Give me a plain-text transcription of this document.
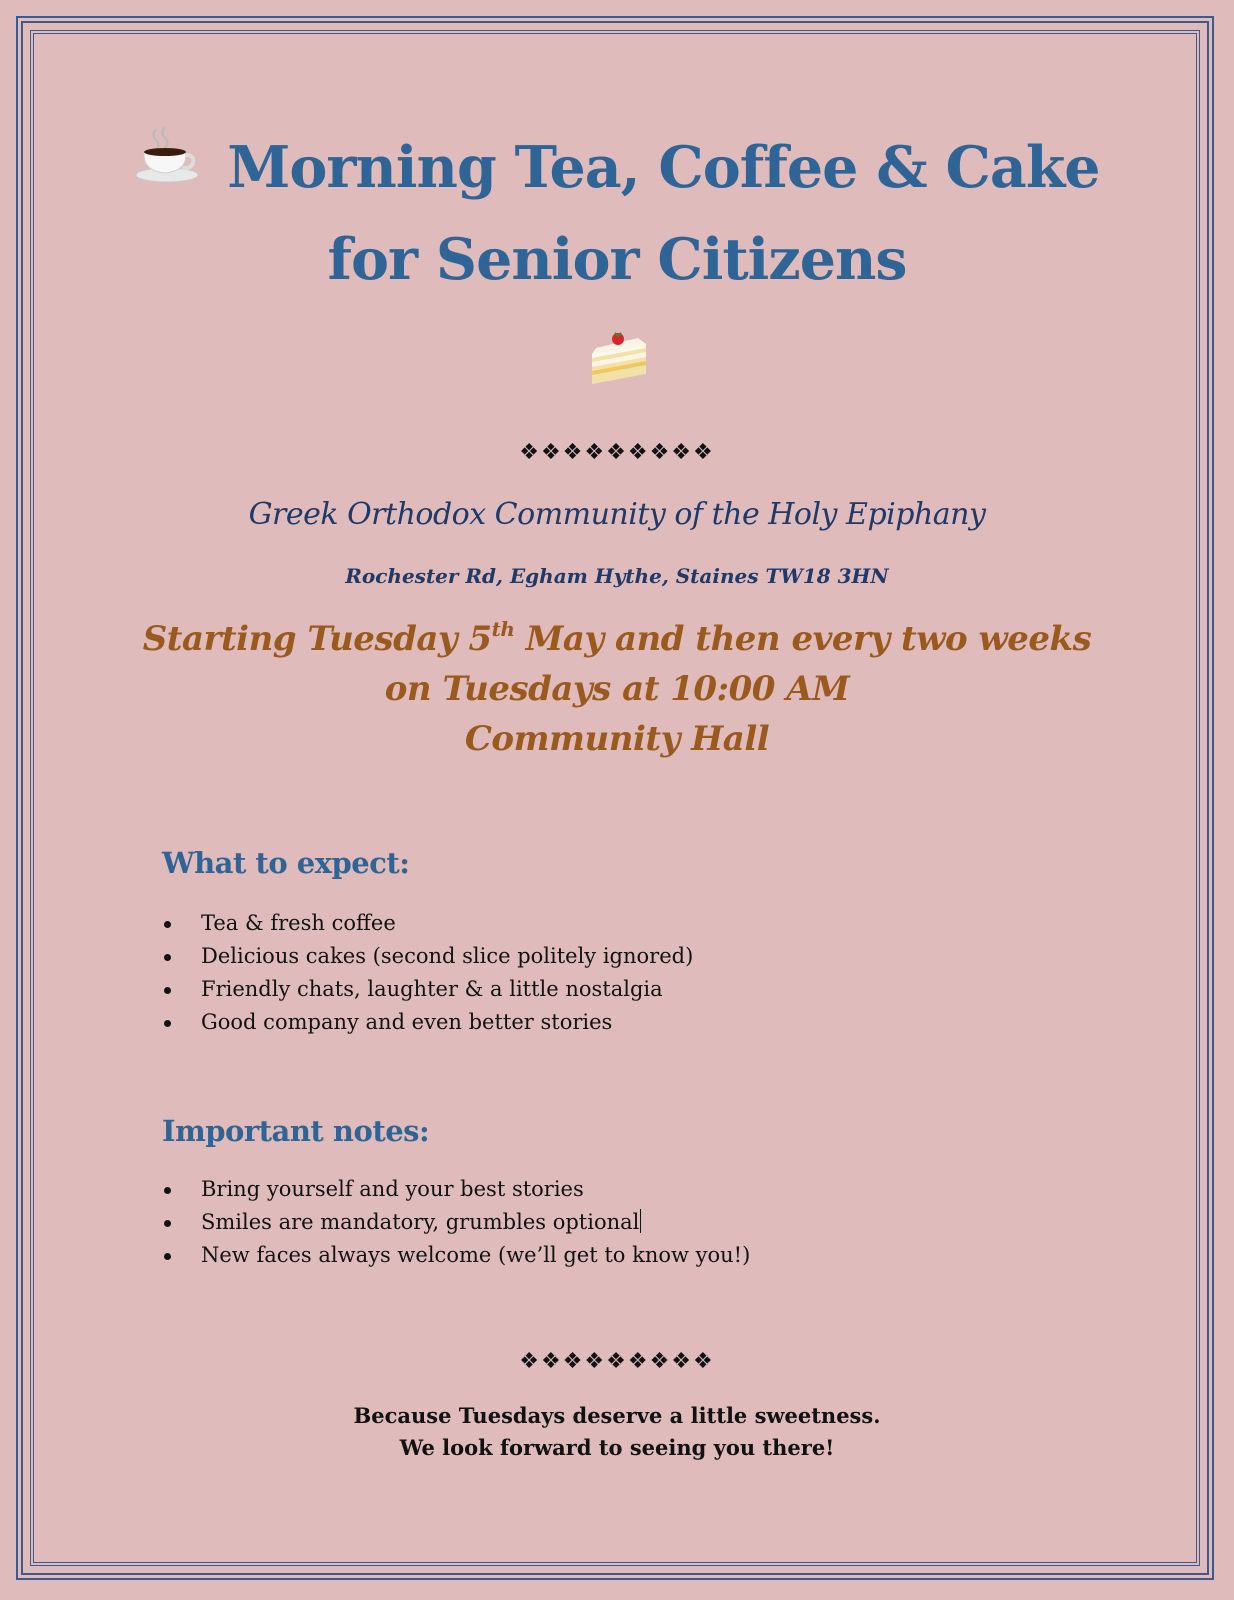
Morning Tea, Coffee & Cake
for Senior Citizens
❖❖❖❖❖❖❖❖❖
Greek Orthodox Community of the Holy Epiphany
Rochester Rd, Egham Hythe, Staines TW18 3HN
Starting Tuesday 5th May and then every two weeks
on Tuesdays at 10:00 AM
Community Hall
What to expect:
Tea & fresh coffee
Delicious cakes (second slice politely ignored)
Friendly chats, laughter & a little nostalgia
Good company and even better stories
Important notes:
Bring yourself and your best stories
Smiles are mandatory, grumbles optional
New faces always welcome (we’ll get to know you!)
❖❖❖❖❖❖❖❖❖
Because Tuesdays deserve a little sweetness.
We look forward to seeing you there!
